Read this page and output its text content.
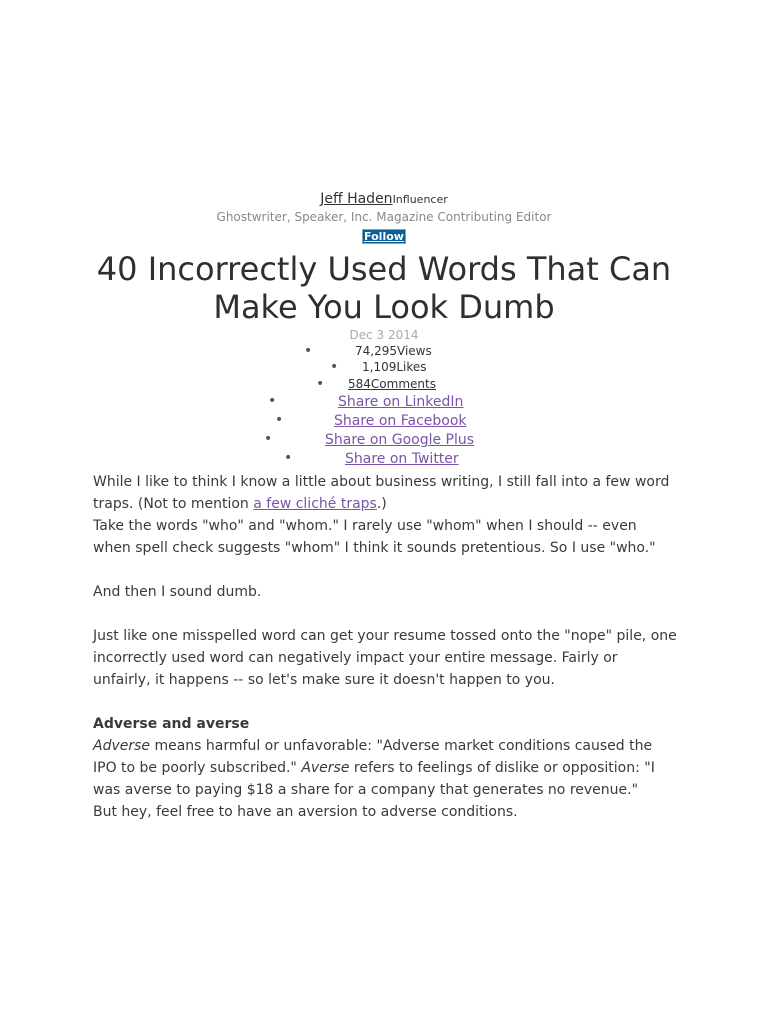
Jeff HadenInfluencer
Ghostwriter, Speaker, Inc. Magazine Contributing Editor
Follow
40 Incorrectly Used Words That Can Make You Look Dumb
Dec 3 2014
•	74,295Views
• 1,109Likes
• 584Comments
•	Share on LinkedIn
•	Share on Facebook
•	Share on Google Plus
•	Share on Twitter

While I like to think I know a little about business writing, I still fall into a few word traps. (Not to mention a few cliché traps.)

Take the words "who" and "whom." I rarely use "whom" when I should -- even when spell check suggests "whom" I think it sounds pretentious. So I use "who."

And then I sound dumb.

Just like one misspelled word can get your resume tossed onto the "nope" pile, one incorrectly used word can negatively impact your entire message. Fairly or unfairly, it happens -- so let's make sure it doesn't happen to you.

Adverse and averse

Adverse means harmful or unfavorable: "Adverse market conditions caused the IPO to be poorly subscribed." Averse refers to feelings of dislike or opposition: "I was averse to paying $18 a share for a company that generates no revenue."

But hey, feel free to have an aversion to adverse conditions.
